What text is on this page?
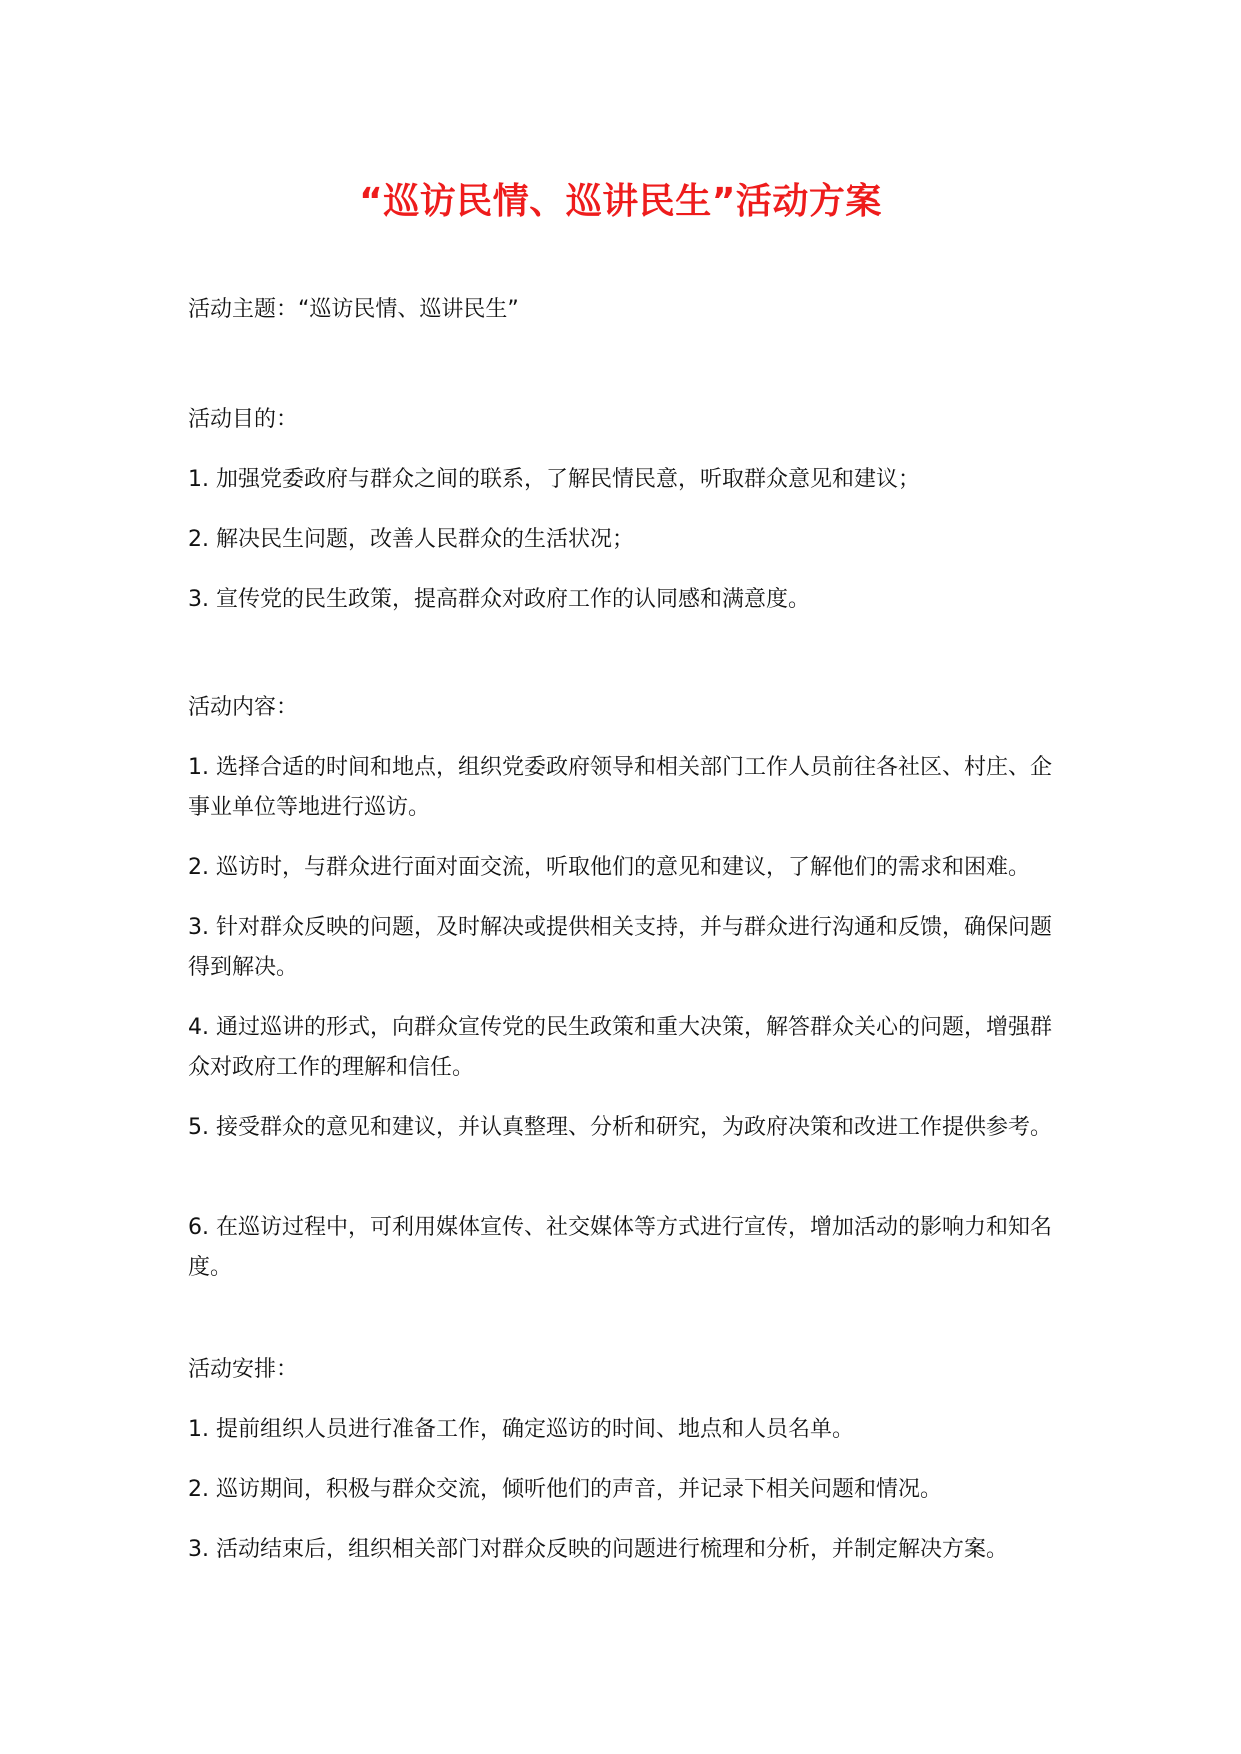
“巡访民情、巡讲民生”活动方案
活动主题：“巡访民情、巡讲民生”
活动目的：
1. 加强党委政府与群众之间的联系，了解民情民意，听取群众意见和建议；
2. 解决民生问题，改善人民群众的生活状况；
3. 宣传党的民生政策，提高群众对政府工作的认同感和满意度。
活动内容：
1. 选择合适的时间和地点，组织党委政府领导和相关部门工作人员前往各社区、村庄、企事业单位等地进行巡访。
2. 巡访时，与群众进行面对面交流，听取他们的意见和建议，了解他们的需求和困难。
3. 针对群众反映的问题，及时解决或提供相关支持，并与群众进行沟通和反馈，确保问题得到解决。
4. 通过巡讲的形式，向群众宣传党的民生政策和重大决策，解答群众关心的问题，增强群众对政府工作的理解和信任。
5. 接受群众的意见和建议，并认真整理、分析和研究，为政府决策和改进工作提供参考。
6. 在巡访过程中，可利用媒体宣传、社交媒体等方式进行宣传，增加活动的影响力和知名度。
活动安排：
1. 提前组织人员进行准备工作，确定巡访的时间、地点和人员名单。
2. 巡访期间，积极与群众交流，倾听他们的声音，并记录下相关问题和情况。
3. 活动结束后，组织相关部门对群众反映的问题进行梳理和分析，并制定解决方案。
